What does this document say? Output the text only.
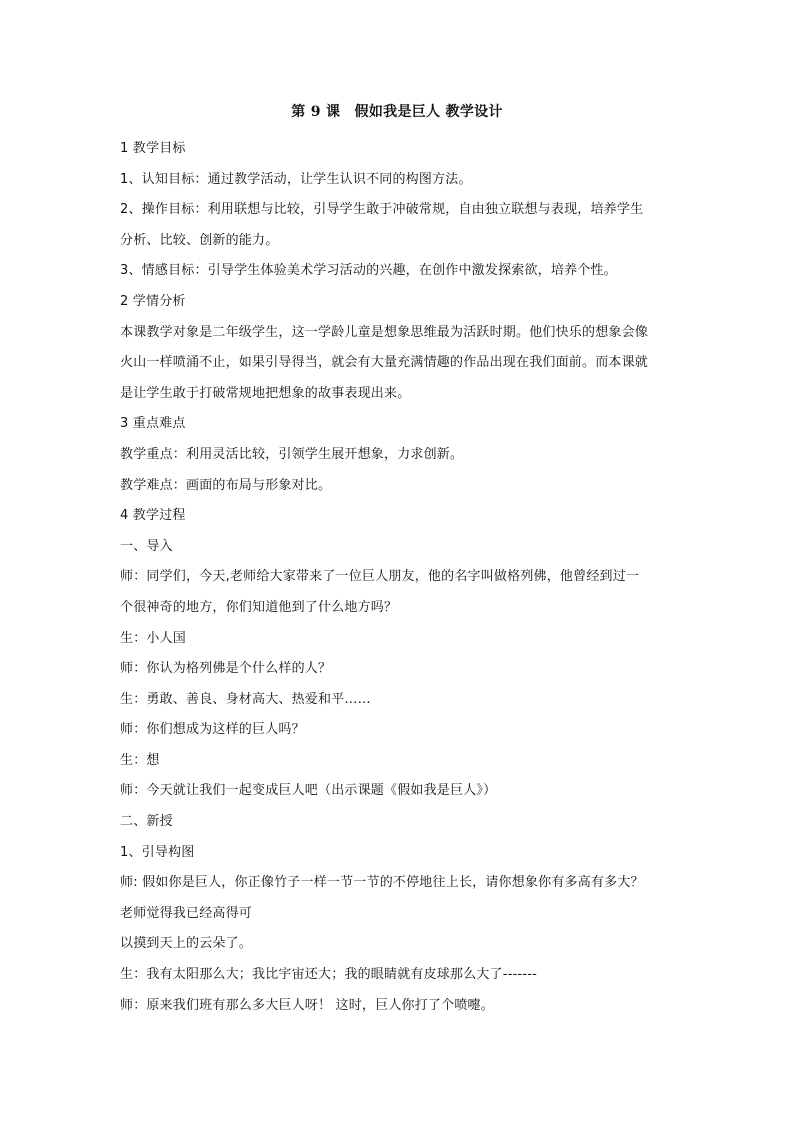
第 9 课　假如我是巨人 教学设计
1 教学目标
1、认知目标：通过教学活动，让学生认识不同的构图方法。
2、操作目标：利用联想与比较，引导学生敢于冲破常规，自由独立联想与表现，培养学生
分析、比较、创新的能力。
3、情感目标：引导学生体验美术学习活动的兴趣，在创作中激发探索欲，培养个性。
2 学情分析
本课教学对象是二年级学生，这一学龄儿童是想象思维最为活跃时期。他们快乐的想象会像
火山一样喷涌不止，如果引导得当，就会有大量充满情趣的作品出现在我们面前。而本课就
是让学生敢于打破常规地把想象的故事表现出来。
3 重点难点
教学重点：利用灵活比较，引领学生展开想象，力求创新。
教学难点：画面的布局与形象对比。
4 教学过程
一、导入
师：同学们，今天,老师给大家带来了一位巨人朋友，他的名字叫做格列佛，他曾经到过一
个很神奇的地方，你们知道他到了什么地方吗？
生：小人国
师：你认为格列佛是个什么样的人？
生：勇敢、善良、身材高大、热爱和平……
师：你们想成为这样的巨人吗？
生：想
师：今天就让我们一起变成巨人吧（出示课题《假如我是巨人》）
二、新授
1、引导构图
师: 假如你是巨人，你正像竹子一样一节一节的不停地往上长，请你想象你有多高有多大？
老师觉得我已经高得可
以摸到天上的云朵了。
生：我有太阳那么大；我比宇宙还大；我的眼睛就有皮球那么大了-------
师：原来我们班有那么多大巨人呀！ 这时，巨人你打了个喷嚏。
